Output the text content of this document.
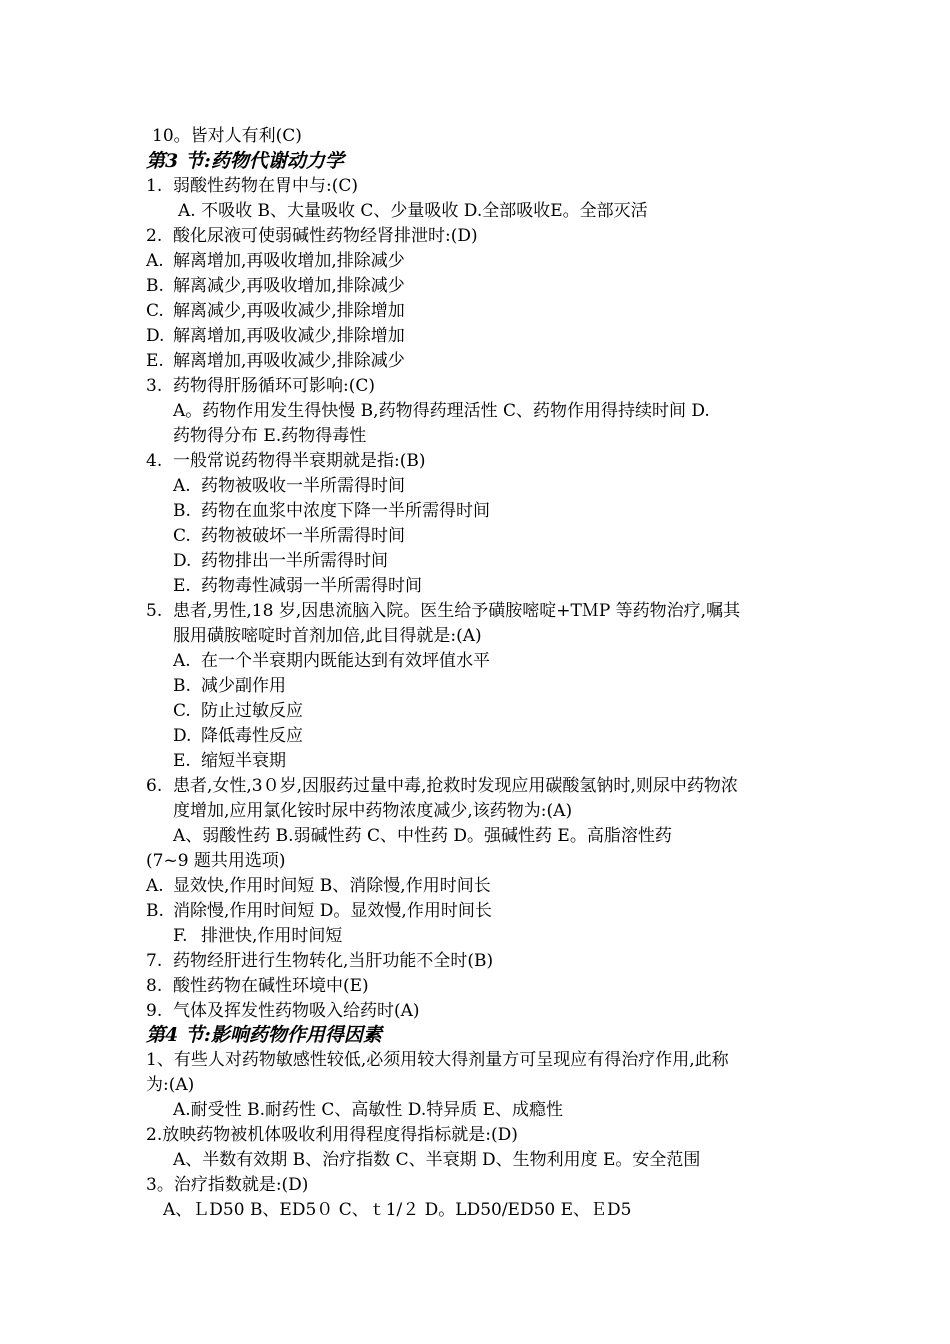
10。皆对人有利(C)
第3 节:药物代谢动力学
1. 弱酸性药物在胃中与:(C)
A. 不吸收 B、大量吸收 C、少量吸收 D.全部吸收E。全部灭活
2. 酸化尿液可使弱碱性药物经肾排泄时:(D)
A. 解离增加,再吸收增加,排除减少
B. 解离减少,再吸收增加,排除减少
C. 解离减少,再吸收减少,排除增加
D. 解离增加,再吸收减少,排除增加
E. 解离增加,再吸收减少,排除减少
3. 药物得肝肠循环可影响:(C)
A。药物作用发生得快慢 B,药物得药理活性 C、药物作用得持续时间 D.
药物得分布 E.药物得毒性
4. 一般常说药物得半衰期就是指:(B)
A. 药物被吸收一半所需得时间
B. 药物在血浆中浓度下降一半所需得时间
C. 药物被破坏一半所需得时间
D. 药物排出一半所需得时间
E. 药物毒性减弱一半所需得时间
5. 患者,男性,18 岁,因患流脑入院。医生给予磺胺嘧啶+TＭP 等药物治疗,嘱其
服用磺胺嘧啶时首剂加倍,此目得就是:(A)
A. 在一个半衰期内既能达到有效坪值水平
B. 减少副作用
C. 防止过敏反应
D. 降低毒性反应
E. 缩短半衰期
6. 患者,女性,3０岁,因服药过量中毒,抢救时发现应用碳酸氢钠时,则尿中药物浓
度增加,应用氯化铵时尿中药物浓度减少,该药物为:(A)
A、弱酸性药 B.弱碱性药 C、中性药 D。强碱性药 E。高脂溶性药
(7~9 题共用选项)
A. 显效快,作用时间短 B、消除慢,作用时间长
B. 消除慢,作用时间短 D。显效慢,作用时间长
F. 排泄快,作用时间短
7. 药物经肝进行生物转化,当肝功能不全时(B)
8. 酸性药物在碱性环境中(E)
9. 气体及挥发性药物吸入给药时(A)
第4 节:影响药物作用得因素
1、有些人对药物敏感性较低,必须用较大得剂量方可呈现应有得治疗作用,此称
为:(A)
A.耐受性 B.耐药性 C、高敏性 D.特异质 E、成瘾性
2.放映药物被机体吸收利用得程度得指标就是:(D)
A、半数有效期 B、治疗指数 C、半衰期 D、生物利用度 E。安全范围
3。治疗指数就是:(D)
A、ＬD50 B、ED5０ C、ｔ1/２ D。LD50/ED50 E、ＥD5
